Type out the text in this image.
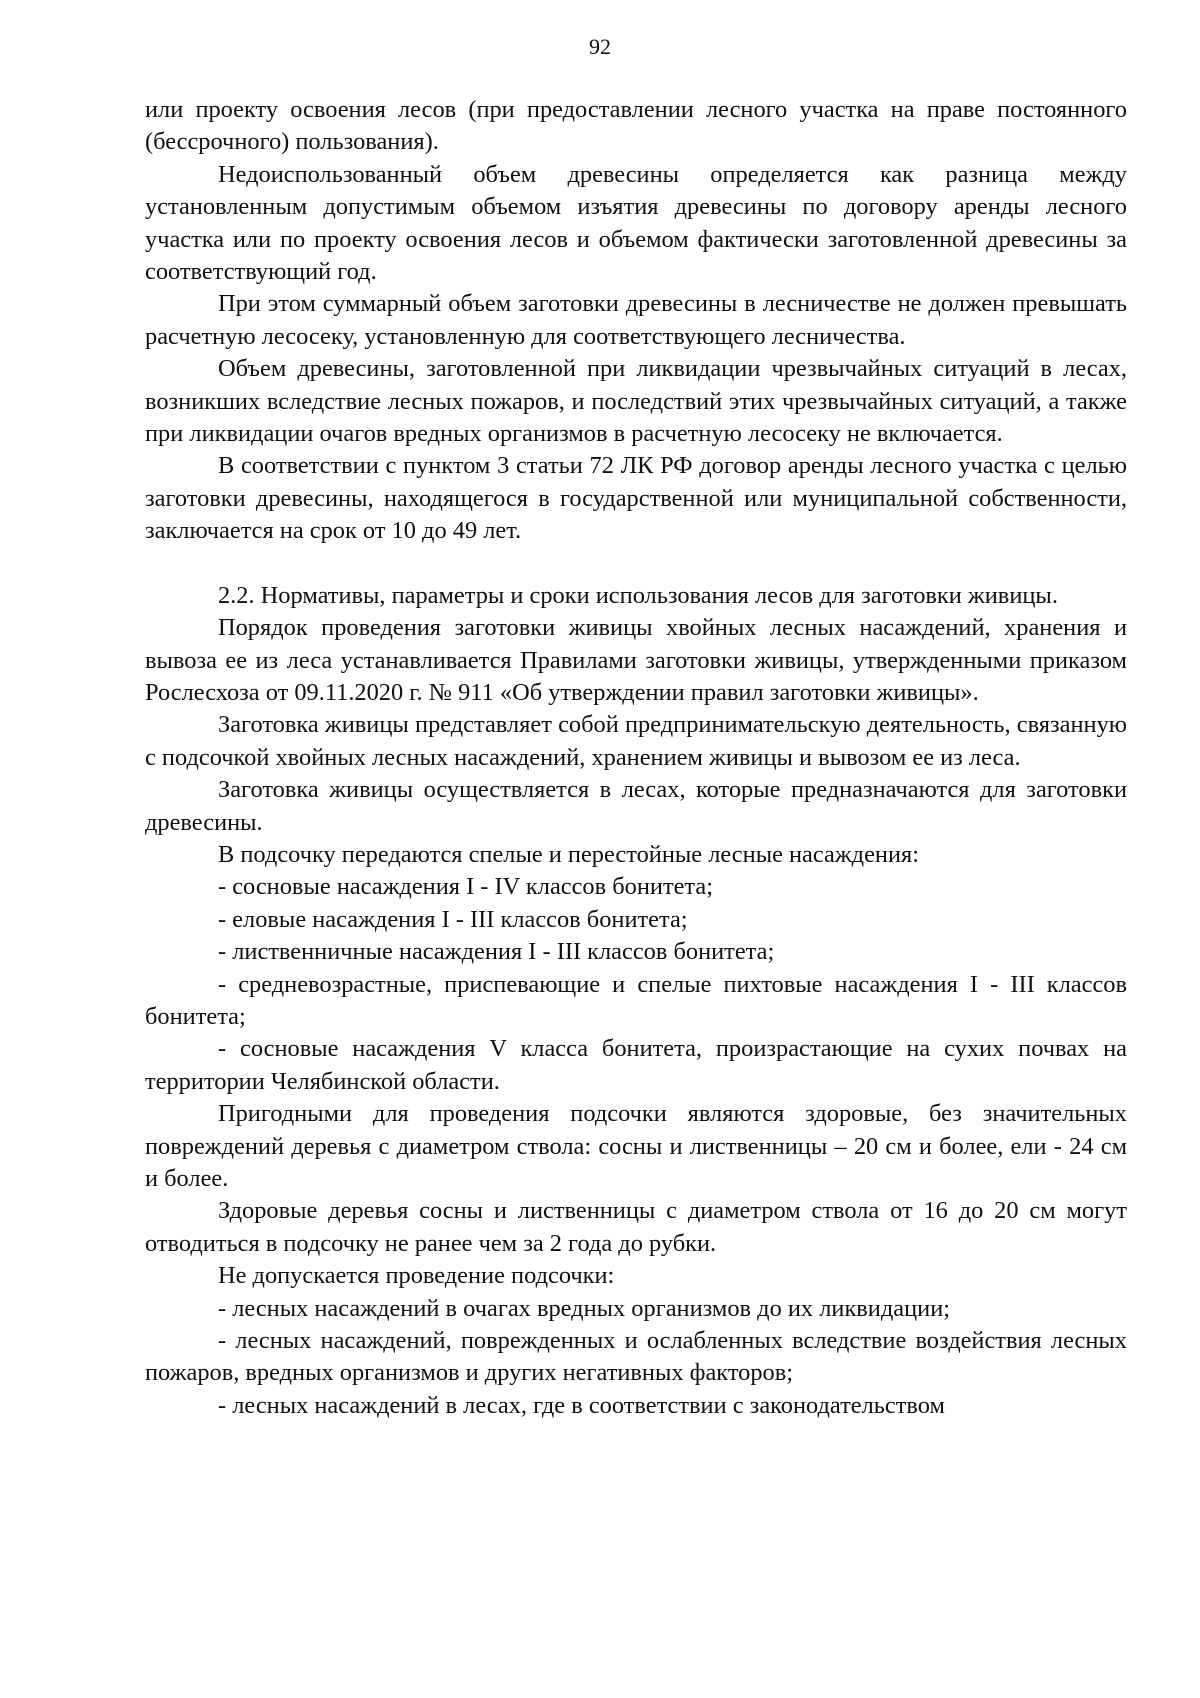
92

или проекту освоения лесов (при предоставлении лесного участка на праве постоянного (бессрочного) пользования).

Недоиспользованный объем древесины определяется как разница между установленным допустимым объемом изъятия древесины по договору аренды лесного участка или по проекту освоения лесов и объемом фактически заготовленной древесины за соответствующий год.

При этом суммарный объем заготовки древесины в лесничестве не должен превышать расчетную лесосеку, установленную для соответствующего лесничества.

Объем древесины, заготовленной при ликвидации чрезвычайных ситуаций в лесах, возникших вследствие лесных пожаров, и последствий этих чрезвычайных ситуаций, а также при ликвидации очагов вредных организмов в расчетную лесосеку не включается.

В соответствии с пунктом 3 статьи 72 ЛК РФ договор аренды лесного участка с целью заготовки древесины, находящегося в государственной или муниципальной собственности, заключается на срок от 10 до 49 лет.

2.2. Нормативы, параметры и сроки использования лесов для заготовки живицы.

Порядок проведения заготовки живицы хвойных лесных насаждений, хранения и вывоза ее из леса устанавливается Правилами заготовки живицы, утвержденными приказом Рослесхоза от 09.11.2020 г. № 911 «Об утверждении правил заготовки живицы».

Заготовка живицы представляет собой предпринимательскую деятельность, связанную с подсочкой хвойных лесных насаждений, хранением живицы и вывозом ее из леса.

Заготовка живицы осуществляется в лесах, которые предназначаются для заготовки древесины.

В подсочку передаются спелые и перестойные лесные насаждения:

- сосновые насаждения I - IV классов бонитета;

- еловые насаждения I - III классов бонитета;

- лиственничные насаждения I - III классов бонитета;

- средневозрастные, приспевающие и спелые пихтовые насаждения I - III классов бонитета;

- сосновые насаждения V класса бонитета, произрастающие на сухих почвах на территории Челябинской области.

Пригодными для проведения подсочки являются здоровые, без значительных повреждений деревья с диаметром ствола: сосны и лиственницы – 20 см и более, ели - 24 см и более.

Здоровые деревья сосны и лиственницы с диаметром ствола от 16 до 20 см могут отводиться в подсочку не ранее чем за 2 года до рубки.

Не допускается проведение подсочки:

- лесных насаждений в очагах вредных организмов до их ликвидации;

- лесных насаждений, поврежденных и ослабленных вследствие воздействия лесных пожаров, вредных организмов и других негативных факторов;

- лесных насаждений в лесах, где в соответствии с законодательством
